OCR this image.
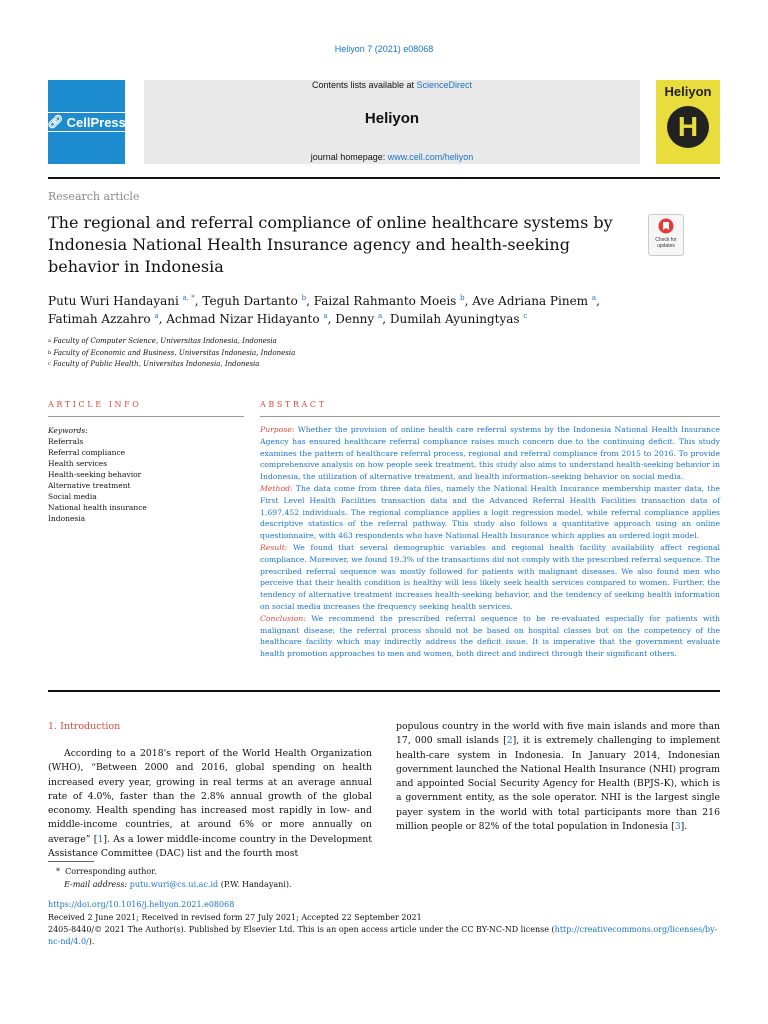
Heliyon 7 (2021) e08068
🔗︎ CellPress
Contents lists available at ScienceDirect
Heliyon
journal homepage: www.cell.com/heliyon
Heliyon
H
Research article
The regional and referral compliance of online healthcare systems by Indonesia National Health Insurance agency and health-seeking behavior in Indonesia
Check for updates
Putu Wuri Handayani $^{a, *}$, Teguh Dartanto $^b$, Faizal Rahmanto Moeis $^b$, Ave Adriana Pinem $^a$,
Fatimah Azzahro $^a$, Achmad Nizar Hidayanto $^a$, Denny $^a$, Dumilah Ayuningtyas $^c$
$^a$ Faculty of Computer Science, Universitas Indonesia, Indonesia
$^b$ Faculty of Economic and Business, Universitas Indonesia, Indonesia
$^c$ Faculty of Public Health, Universitas Indonesia, Indonesia
ARTICLE INFO	ABSTRACT
Keywords:
Referrals
Referral compliance
Health services
Health-seeking behavior
Alternative treatment
Social media
National health insurance
Indonesia
Purpose: Whether the provision of online health care referral systems by the Indonesia National Health Insurance Agency has ensured healthcare referral compliance raises much concern due to the continuing deficit. This study examines the pattern of healthcare referral process, regional and referral compliance from 2015 to 2016. To provide comprehensive analysis on how people seek treatment, this study also aims to understand health-seeking behavior in Indonesia, the utilization of alternative treatment, and health information–seeking behavior on social media.
Method: The data come from three data files, namely the National Health Insurance membership master data, the First Level Health Facilities transaction data and the Advanced Referral Health Facilities transaction data of 1,697,452 individuals. The regional compliance applies a logit regression model, while referral compliance applies descriptive statistics of the referral pathway. This study also follows a quantitative approach using an online questionnaire, with 463 respondents who have National Health Insurance which applies an ordered logit model.
Result: We found that several demographic variables and regional health facility availability affect regional compliance. Moreover, we found 19.3% of the transactions did not comply with the prescribed referral sequence. The prescribed referral sequence was mostly followed for patients with malignant diseases. We also found men who perceive that their health condition is healthy will less likely seek health services compared to women. Further, the tendency of alternative treatment increases health-seeking behavior, and the tendency of seeking health information on social media increases the frequency seeking health services.
Conclusion: We recommend the prescribed referral sequence to be re-evaluated especially for patients with malignant disease; the referral process should not be based on hospital classes but on the competency of the healthcare facility which may indirectly address the deficit issue. It is imperative that the government evaluate health promotion approaches to men and women, both direct and indirect through their significant others.
1. Introduction
According to a 2018's report of the World Health Organization (WHO), “Between 2000 and 2016, global spending on health increased every year, growing in real terms at an average annual rate of 4.0%, faster than the 2.8% annual growth of the global economy. Health spending has increased most rapidly in low- and middle-income countries, at around 6% or more annually on average” [1]. As a lower middle-income country in the Development Assistance Committee (DAC) list and the fourth most
populous country in the world with five main islands and more than 17, 000 small islands [2], it is extremely challenging to implement health-care system in Indonesia. In January 2014, Indonesian government launched the National Health Insurance (NHI) program and appointed Social Security Agency for Health (BPJS-K), which is a government entity, as the sole operator. NHI is the largest single payer system in the world with total participants more than 216 million people or 82% of the total population in Indonesia [3].
* Corresponding author.
E-mail address: putu.wuri@cs.ui.ac.id (P.W. Handayani).
https://doi.org/10.1016/j.heliyon.2021.e08068
Received 2 June 2021; Received in revised form 27 July 2021; Accepted 22 September 2021
2405-8440/© 2021 The Author(s). Published by Elsevier Ltd. This is an open access article under the CC BY-NC-ND license (http://creativecommons.org/licenses/by-nc-nd/4.0/).
